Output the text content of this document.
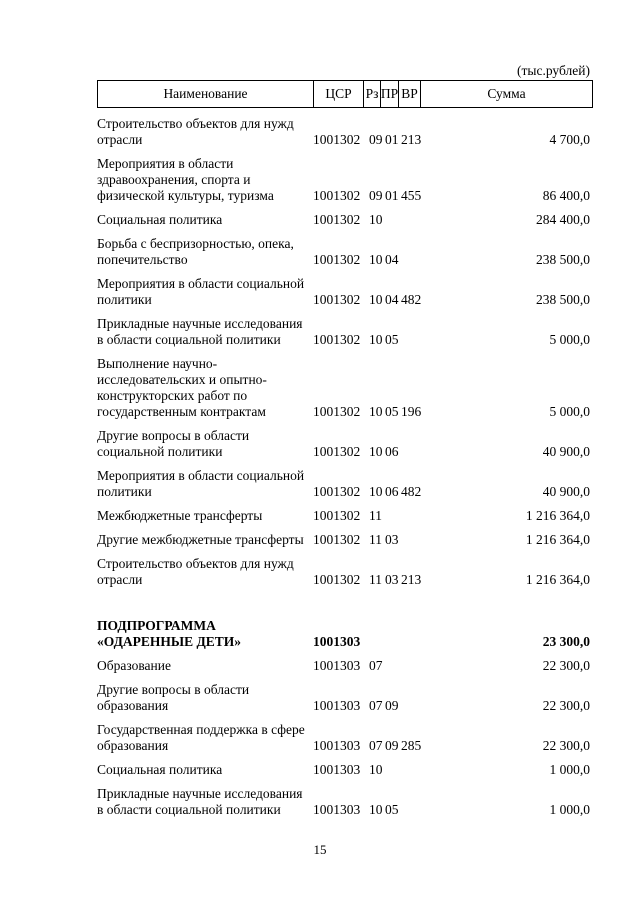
(тыс.рублей)
Наименование	ЦСР	Рз ПР ВР	Сумма
Строительство объектов для нужд
отрасли	1001302 09 01 213	4 700,0
Мероприятия в области
здравоохранения, спорта и
физической культуры, туризма	1001302 09 01 455	86 400,0
Социальная политика	1001302 10	284 400,0
Борьба с беспризорностью, опека,
попечительство	1001302 10 04	238 500,0
Мероприятия в области социальной
политики	1001302 10 04 482	238 500,0
Прикладные научные исследования
в области социальной политики	1001302 10 05	5 000,0
Выполнение научно-
исследовательских и опытно-
конструкторских работ по
государственным контрактам	1001302 10 05 196	5 000,0
Другие вопросы в области
социальной политики	1001302 10 06	40 900,0
Мероприятия в области социальной
политики	1001302 10 06 482	40 900,0
Межбюджетные трансферты	1001302 11	1 216 364,0
Другие межбюджетные трансферты 1001302 11 03	1 216 364,0
Строительство объектов для нужд
отрасли	1001302 11 03 213	1 216 364,0
ПОДПРОГРАММА
«ОДАРЕННЫЕ ДЕТИ»	1001303	23 300,0
Образование	1001303 07	22 300,0
Другие вопросы в области
образования	1001303 07 09	22 300,0
Государственная поддержка в сфере
образования	1001303 07 09 285	22 300,0
Социальная политика	1001303 10	1 000,0
Прикладные научные исследования
в области социальной политики	1001303 10 05	1 000,0
15
